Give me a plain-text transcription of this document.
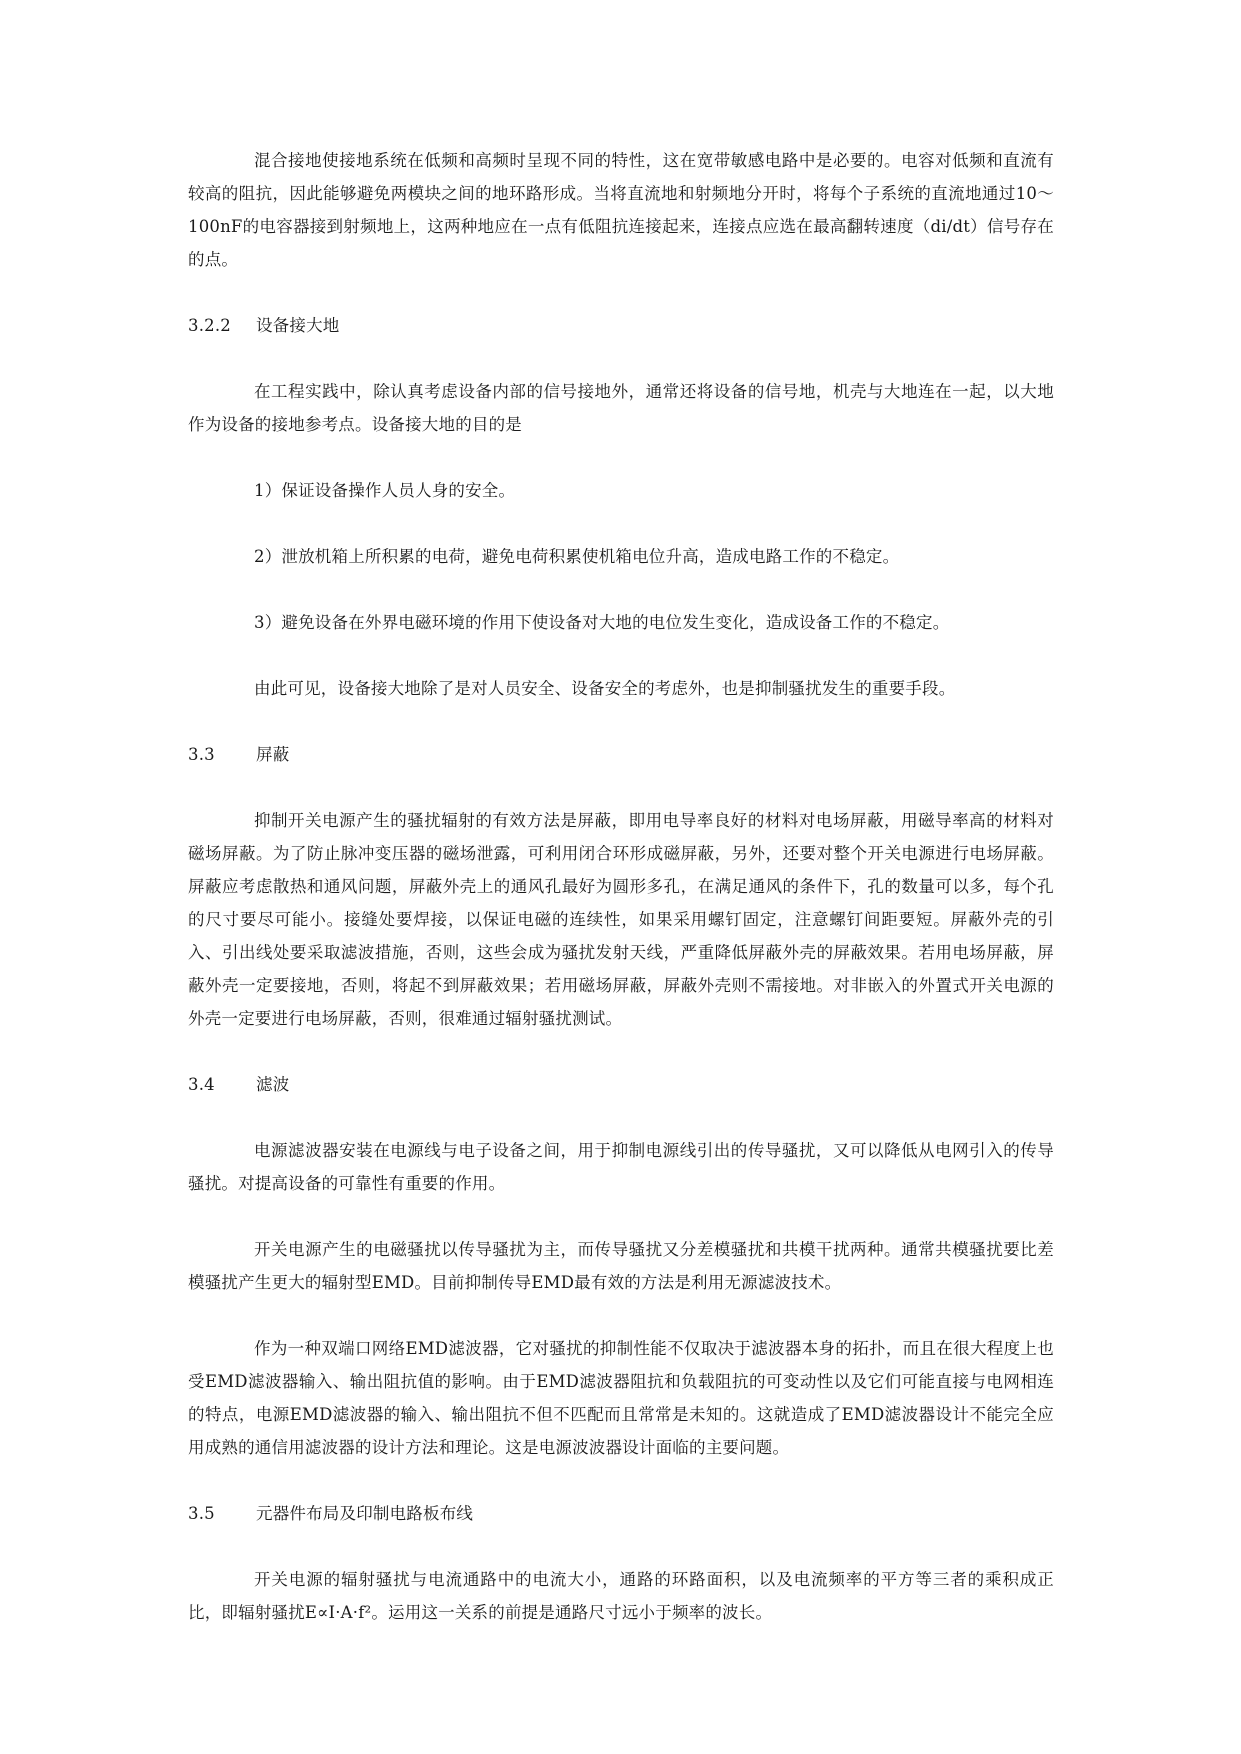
混合接地使接地系统在低频和高频时呈现不同的特性，这在宽带敏感电路中是必要的。电容对低频和直流有较高的阻抗，因此能够避免两模块之间的地环路形成。当将直流地和射频地分开时，将每个子系统的直流地通过10～100nF的电容器接到射频地上，这两种地应在一点有低阻抗连接起来，连接点应选在最高翻转速度（di/dt）信号存在的点。

3.2.2 设备接大地

在工程实践中，除认真考虑设备内部的信号接地外，通常还将设备的信号地，机壳与大地连在一起，以大地作为设备的接地参考点。设备接大地的目的是

1）保证设备操作人员人身的安全。

2）泄放机箱上所积累的电荷，避免电荷积累使机箱电位升高，造成电路工作的不稳定。

3）避免设备在外界电磁环境的作用下使设备对大地的电位发生变化，造成设备工作的不稳定。

由此可见，设备接大地除了是对人员安全、设备安全的考虑外，也是抑制骚扰发生的重要手段。

3.3 屏蔽

抑制开关电源产生的骚扰辐射的有效方法是屏蔽，即用电导率良好的材料对电场屏蔽，用磁导率高的材料对磁场屏蔽。为了防止脉冲变压器的磁场泄露，可利用闭合环形成磁屏蔽，另外，还要对整个开关电源进行电场屏蔽。屏蔽应考虑散热和通风问题，屏蔽外壳上的通风孔最好为圆形多孔，在满足通风的条件下，孔的数量可以多，每个孔的尺寸要尽可能小。接缝处要焊接，以保证电磁的连续性，如果采用螺钉固定，注意螺钉间距要短。屏蔽外壳的引入、引出线处要采取滤波措施，否则，这些会成为骚扰发射天线，严重降低屏蔽外壳的屏蔽效果。若用电场屏蔽，屏蔽外壳一定要接地，否则，将起不到屏蔽效果；若用磁场屏蔽，屏蔽外壳则不需接地。对非嵌入的外置式开关电源的外壳一定要进行电场屏蔽，否则，很难通过辐射骚扰测试。

3.4 滤波

电源滤波器安装在电源线与电子设备之间，用于抑制电源线引出的传导骚扰，又可以降低从电网引入的传导骚扰。对提高设备的可靠性有重要的作用。

开关电源产生的电磁骚扰以传导骚扰为主，而传导骚扰又分差模骚扰和共模干扰两种。通常共模骚扰要比差模骚扰产生更大的辐射型EMD。目前抑制传导EMD最有效的方法是利用无源滤波技术。

作为一种双端口网络EMD滤波器，它对骚扰的抑制性能不仅取决于滤波器本身的拓扑，而且在很大程度上也受EMD滤波器输入、输出阻抗值的影响。由于EMD滤波器阻抗和负载阻抗的可变动性以及它们可能直接与电网相连的特点，电源EMD滤波器的输入、输出阻抗不但不匹配而且常常是未知的。这就造成了EMD滤波器设计不能完全应用成熟的通信用滤波器的设计方法和理论。这是电源波波器设计面临的主要问题。

3.5 元器件布局及印制电路板布线

开关电源的辐射骚扰与电流通路中的电流大小，通路的环路面积，以及电流频率的平方等三者的乘积成正比，即辐射骚扰E∝I·A·f²。运用这一关系的前提是通路尺寸远小于频率的波长。
